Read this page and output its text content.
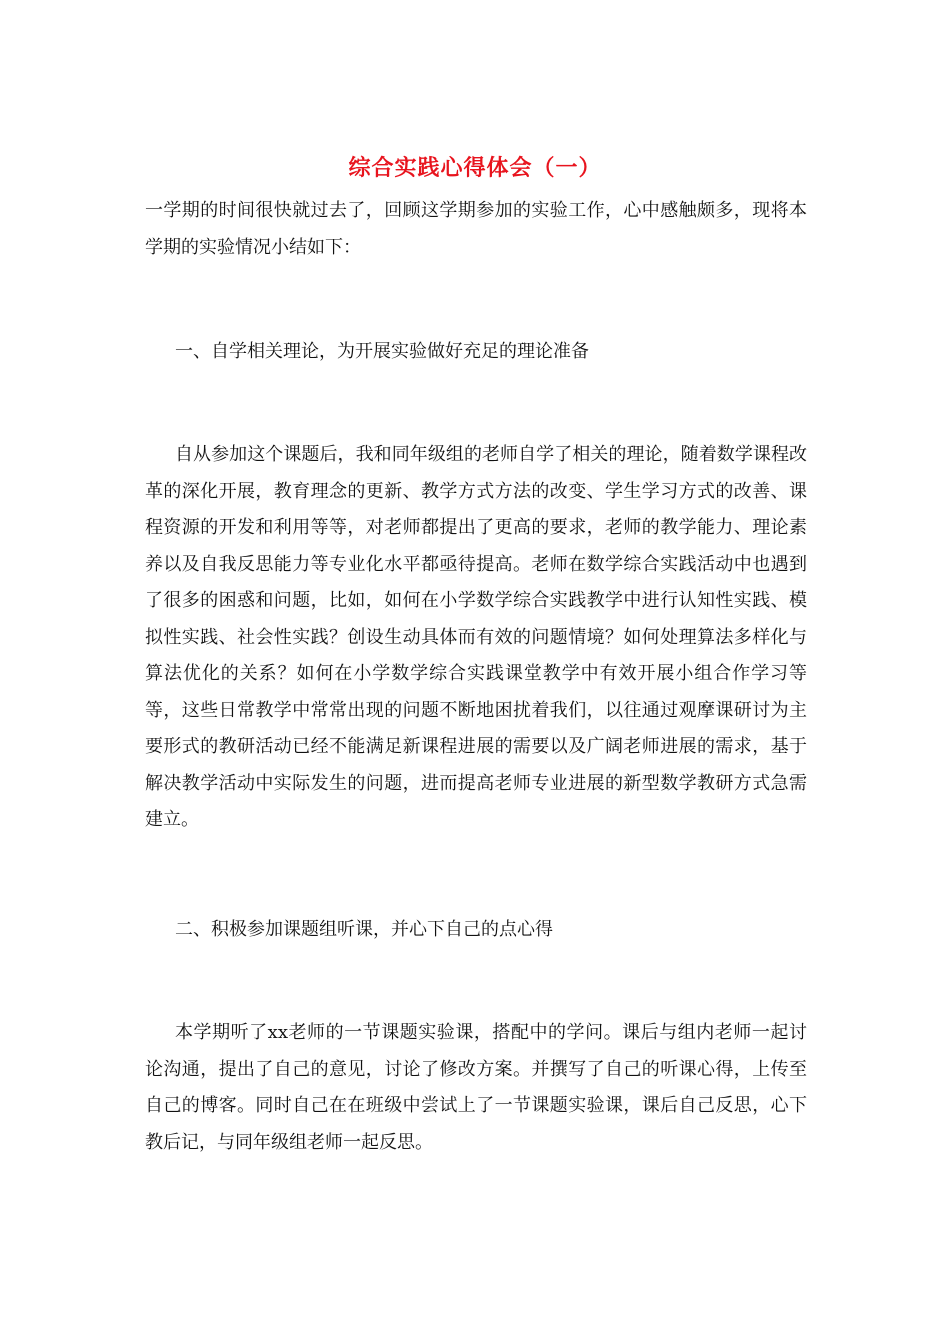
综合实践心得体会（一）

一学期的时间很快就过去了，回顾这学期参加的实验工作，心中感触颇多，现将本学期的实验情况小结如下：

一、自学相关理论，为开展实验做好充足的理论准备

自从参加这个课题后，我和同年级组的老师自学了相关的理论，随着数学课程改革的深化开展，教育理念的更新、教学方式方法的改变、学生学习方式的改善、课程资源的开发和利用等等，对老师都提出了更高的要求，老师的教学能力、理论素养以及自我反思能力等专业化水平都亟待提高。老师在数学综合实践活动中也遇到了很多的困惑和问题，比如，如何在小学数学综合实践教学中进行认知性实践、模拟性实践、社会性实践？创设生动具体而有效的问题情境？如何处理算法多样化与算法优化的关系？如何在小学数学综合实践课堂教学中有效开展小组合作学习等等，这些日常教学中常常出现的问题不断地困扰着我们，以往通过观摩课研讨为主要形式的教研活动已经不能满足新课程进展的需要以及广阔老师进展的需求，基于解决教学活动中实际发生的问题，进而提高老师专业进展的新型数学教研方式急需建立。

二、积极参加课题组听课，并心下自己的点心得

本学期听了xx老师的一节课题实验课，搭配中的学问。课后与组内老师一起讨论沟通，提出了自己的意见，讨论了修改方案。并撰写了自己的听课心得，上传至自己的博客。同时自己在在班级中尝试上了一节课题实验课，课后自己反思，心下教后记，与同年级组老师一起反思。
